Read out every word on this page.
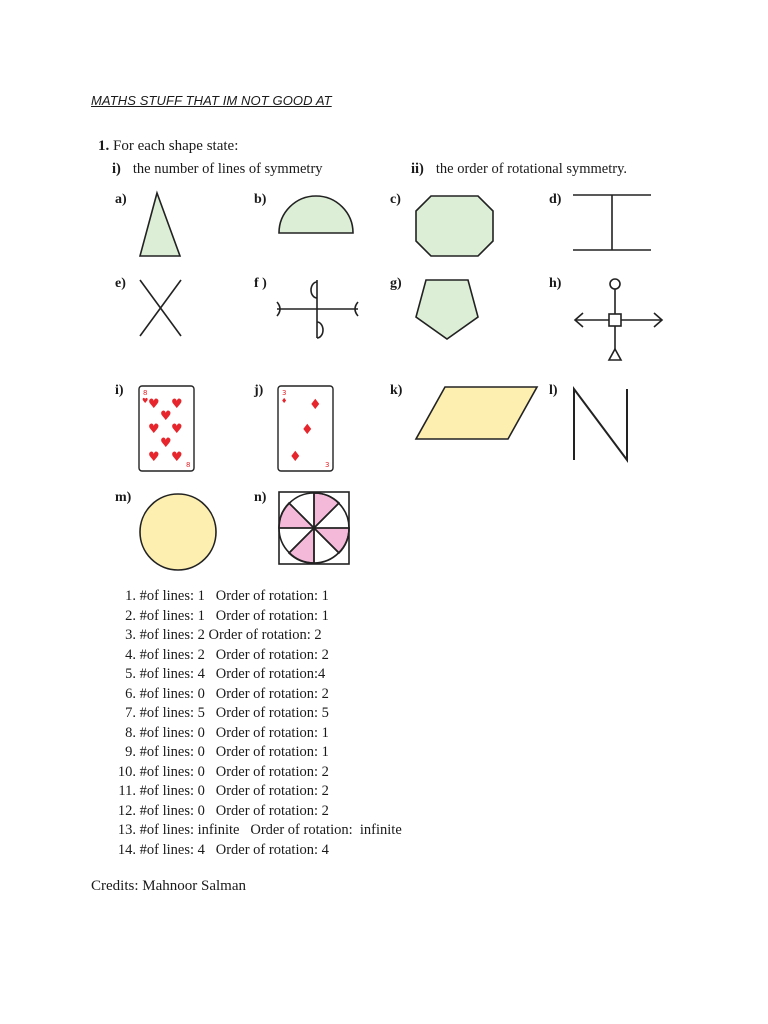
MATHS STUFF THAT IM NOT GOOD AT
1. For each shape state:
i) the number of lines of symmetry	ii) the order of rotational symmetry.
a)	b)	c)	d)
e)	f )	g)	h)
i)	j)	k)	l)
m)	n)
8
♥ ♥ ♥
♥
♥ ♥
♥
♥ ♥ 8
3
♦ ♦
♦
♦	3
1. #of lines: 1   Order of rotation: 1
2. #of lines: 1   Order of rotation: 1
3. #of lines: 2 Order of rotation: 2
4. #of lines: 2   Order of rotation: 2
5. #of lines: 4   Order of rotation:4
6. #of lines: 0   Order of rotation: 2
7. #of lines: 5   Order of rotation: 5
8. #of lines: 0   Order of rotation: 1
9. #of lines: 0   Order of rotation: 1
10. #of lines: 0   Order of rotation: 2
11. #of lines: 0   Order of rotation: 2
12. #of lines: 0   Order of rotation: 2
13. #of lines: infinite   Order of rotation:  infinite
14. #of lines: 4   Order of rotation: 4
Credits: Mahnoor Salman
